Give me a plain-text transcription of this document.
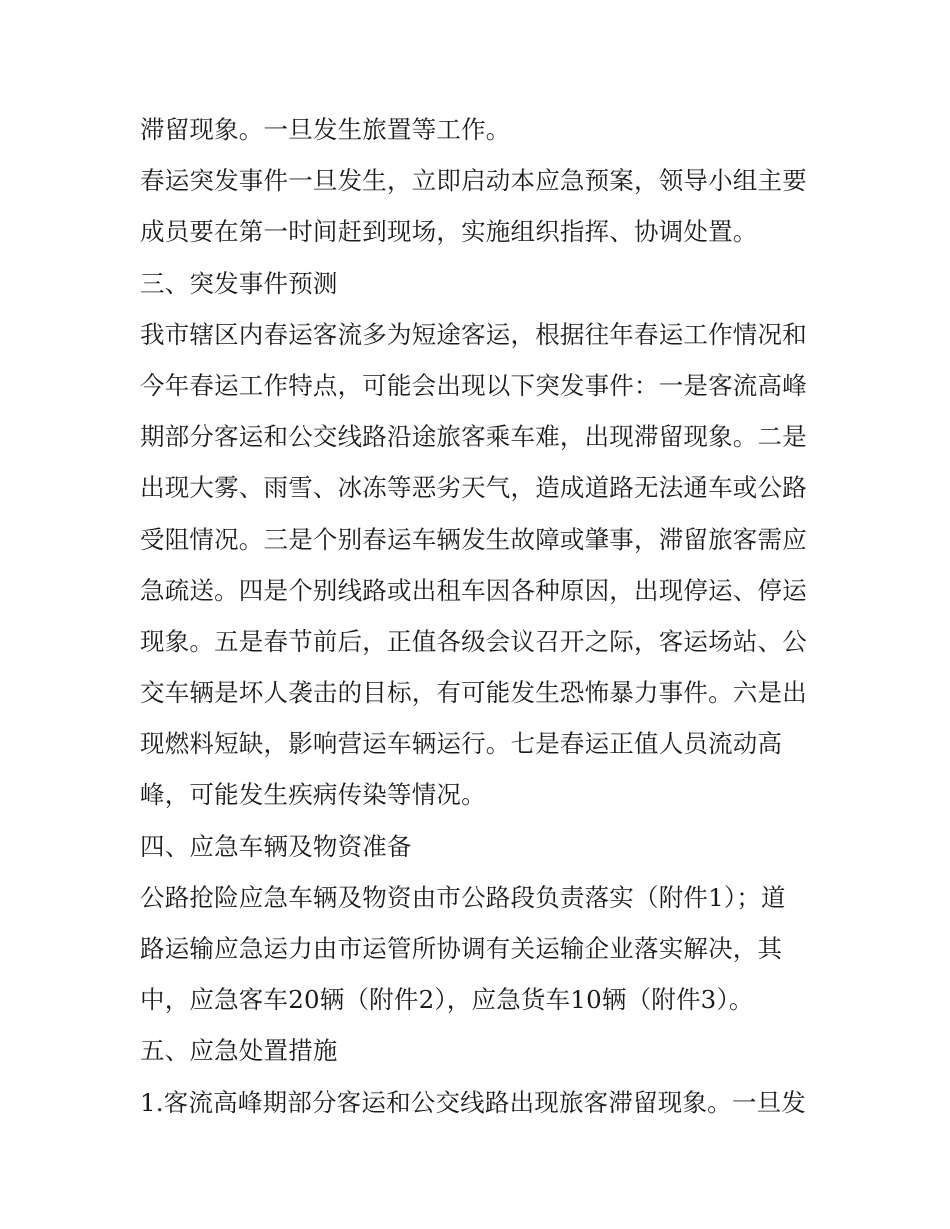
滞留现象。一旦发生旅置等工作。
春运突发事件一旦发生，立即启动本应急预案，领导小组主要
成员要在第一时间赶到现场，实施组织指挥、协调处置。
三、突发事件预测
我市辖区内春运客流多为短途客运，根据往年春运工作情况和
今年春运工作特点，可能会出现以下突发事件：一是客流高峰
期部分客运和公交线路沿途旅客乘车难，出现滞留现象。二是
出现大雾、雨雪、冰冻等恶劣天气，造成道路无法通车或公路
受阻情况。三是个别春运车辆发生故障或肇事，滞留旅客需应
急疏送。四是个别线路或出租车因各种原因，出现停运、停运
现象。五是春节前后，正值各级会议召开之际，客运场站、公
交车辆是坏人袭击的目标，有可能发生恐怖暴力事件。六是出
现燃料短缺，影响营运车辆运行。七是春运正值人员流动高
峰，可能发生疾病传染等情况。
四、应急车辆及物资准备
公路抢险应急车辆及物资由市公路段负责落实（附件1）；道
路运输应急运力由市运管所协调有关运输企业落实解决，其
中，应急客车20辆（附件2），应急货车10辆（附件3）。
五、应急处置措施
1.客流高峰期部分客运和公交线路出现旅客滞留现象。一旦发
